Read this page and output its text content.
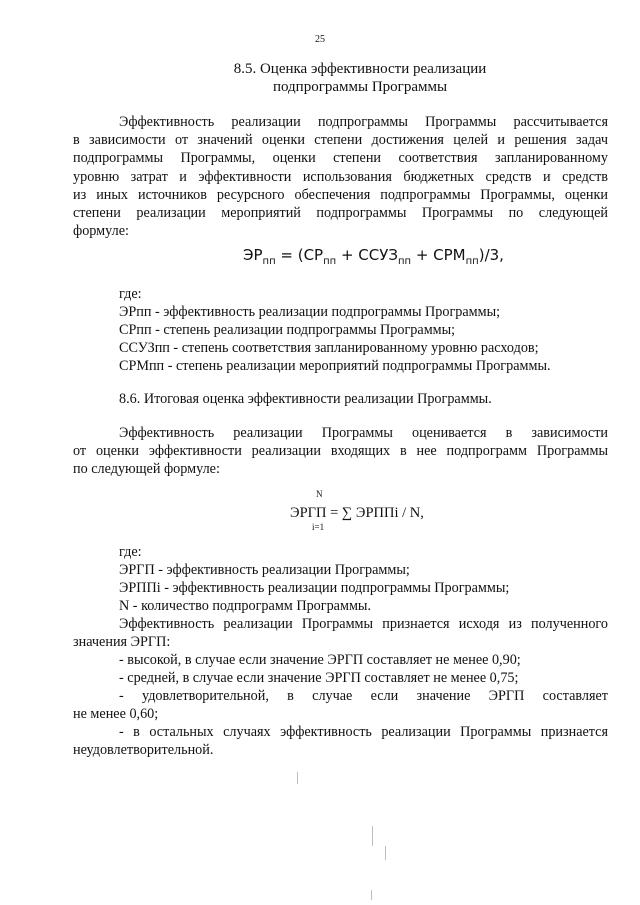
25
8.5. Оценка эффективности реализации
подпрограммы Программы
Эффективность реализации подпрограммы Программы рассчитывается
в зависимости от значений оценки степени достижения целей и решения задач
подпрограммы Программы, оценки степени соответствия запланированному
уровню затрат и эффективности использования бюджетных средств и средств
из иных источников ресурсного обеспечения подпрограммы Программы, оценки
степени реализации мероприятий подпрограммы Программы по следующей
формуле:
$ЭР_{пп} = (СР_{пп}$ + $ССУЗ_{пп} + СРМ_{пп})/3$,
где:
ЭРпп - эффективность реализации подпрограммы Программы;
СРпп - степень реализации подпрограммы Программы;
ССУЗпп - степень соответствия запланированному уровню расходов;
СРМпп - степень реализации мероприятий подпрограммы Программы.
8.6. Итоговая оценка эффективности реализации Программы.
Эффективность реализации Программы оценивается в зависимости
от оценки эффективности реализации входящих в нее подпрограмм Программы
по следующей формуле:
N
ЭРГП = ∑ ЭРППi / N,
i=1
где:
ЭРГП - эффективность реализации Программы;
ЭРППi - эффективность реализации подпрограммы Программы;
N - количество подпрограмм Программы.
Эффективность реализации Программы признается исходя из полученного
значения ЭРГП:
- высокой, в случае если значение ЭРГП составляет не менее 0,90;
- средней, в случае если значение ЭРГП составляет не менее 0,75;
- удовлетворительной, в случае если значение ЭРГП составляет
не менее 0,60;
- в остальных случаях эффективность реализации Программы признается
неудовлетворительной.
